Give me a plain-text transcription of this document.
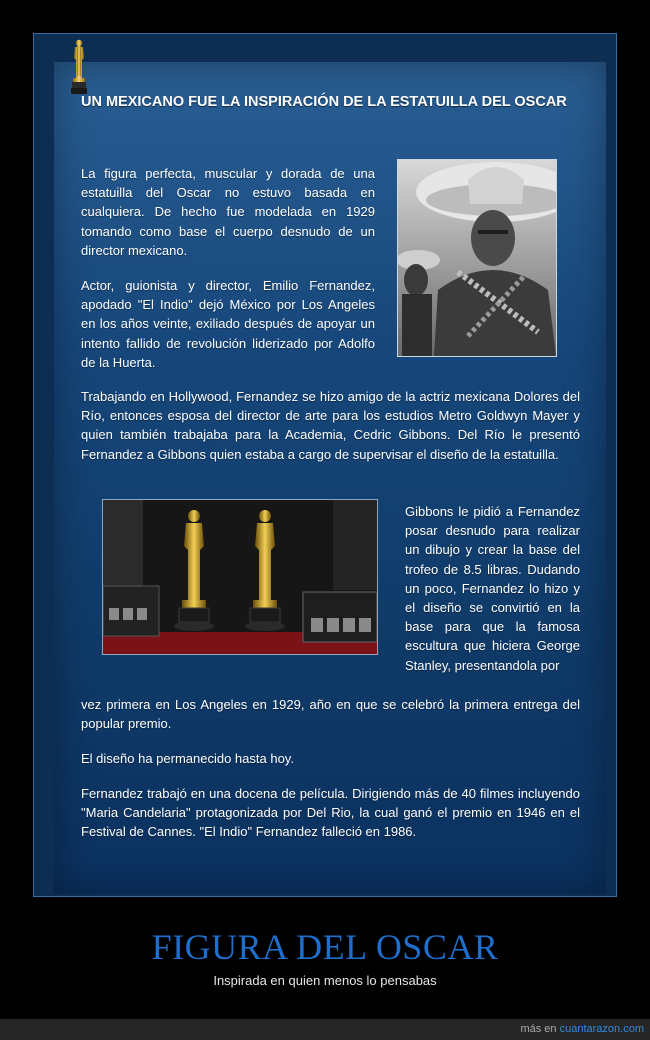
UN MEXICANO FUE LA INSPIRACIÓN DE LA ESTATUILLA DEL OSCAR

La figura perfecta, muscular y dorada de una estatuilla del Oscar no estuvo basada en cualquiera. De hecho fue modelada en 1929 tomando como base el cuerpo desnudo de un director mexicano.

Actor, guionista y director, Emilio Fernandez, apodado "El Indio" dejó México por Los Angeles en los años veinte, exiliado después de apoyar un intento fallido de revolución liderizado por Adolfo de la Huerta.

Trabajando en Hollywood, Fernandez se hizo amigo de la actriz mexicana Dolores del Río, entonces esposa del director de arte para los estudios Metro Goldwyn Mayer y quien también trabajaba para la Academia, Cedric Gibbons. Del Río le presentó Fernandez a Gibbons quien estaba a cargo de supervisar el diseño de la estatuilla.

Gibbons le pidió a Fernandez posar desnudo para realizar un dibujo y crear la base del trofeo de 8.5 libras. Dudando un poco, Fernandez lo hizo y el diseño se convirtió en la base para que la famosa escultura que hiciera George Stanley, presentandola por

vez primera en Los Angeles en 1929, año en que se celebró la primera entrega del popular premio.

El diseño ha permanecido hasta hoy.

Fernandez trabajó en una docena de película. Dirigiendo más de 40 filmes incluyendo "Maria Candelaria" protagonizada por Del Rio, la cual ganó el premio en 1946 en el Festival de Cannes. "El Indio" Fernandez falleció en 1986.

FIGURA DEL OSCAR
Inspirada en quien menos lo pensabas
más en cuantarazon.com
